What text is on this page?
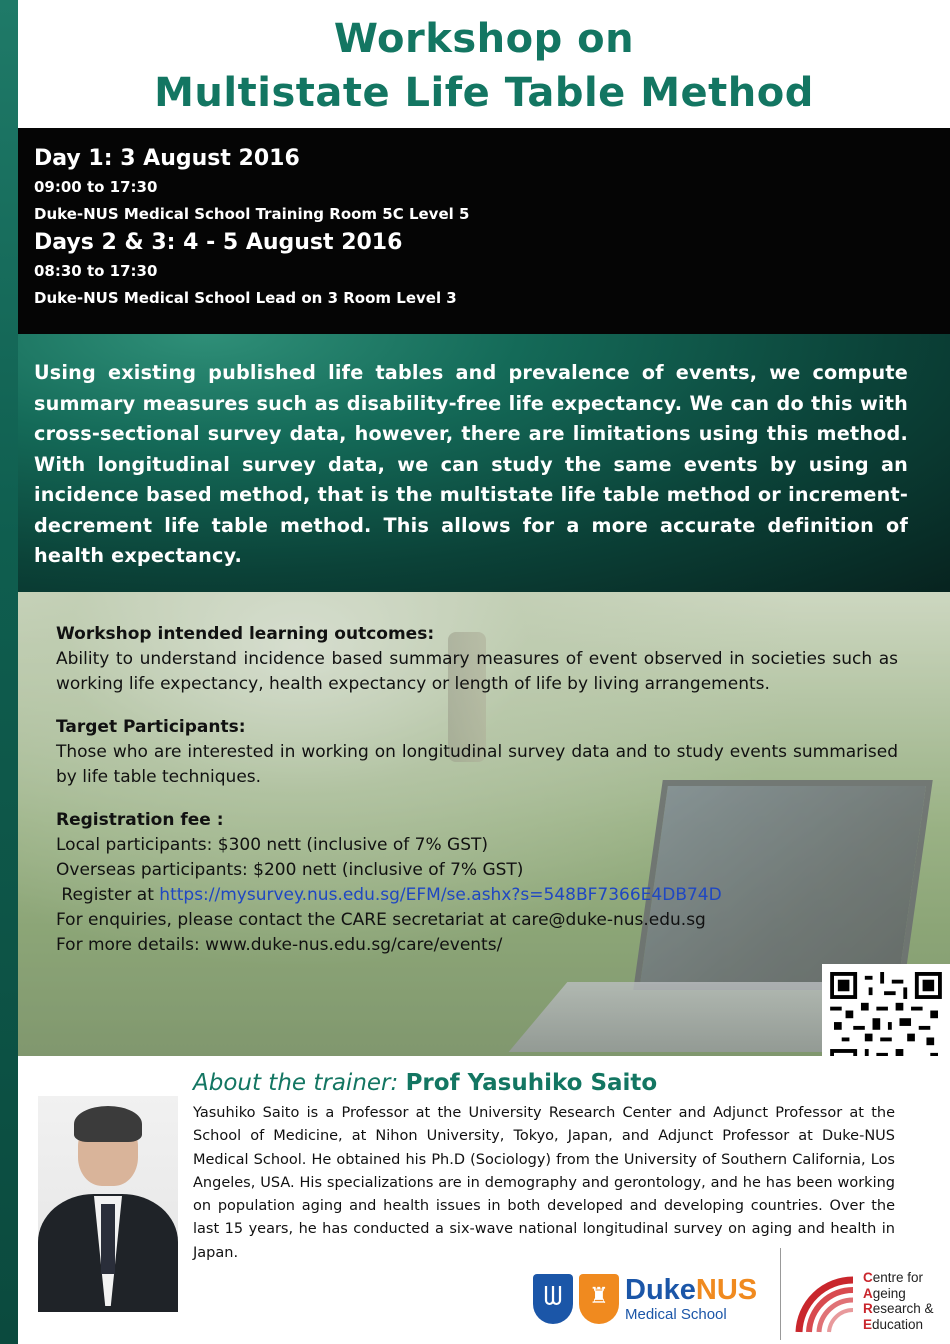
Workshop on
Multistate Life Table Method
Day 1: 3 August 2016
09:00 to 17:30
Duke-NUS Medical School Training Room 5C Level 5
Days 2 & 3: 4 - 5 August 2016
08:30 to 17:30
Duke-NUS Medical School Lead on 3 Room Level 3

Using existing published life tables and prevalence of events, we compute summary measures such as disability-free life expectancy. We can do this with cross-sectional survey data, however, there are limitations using this method. With longitudinal survey data, we can study the same events by using an incidence based method, that is the multistate life table method or increment-decrement life table method. This allows for a more accurate definition of health expectancy.

Workshop intended learning outcomes:
Ability to understand incidence based summary measures of event observed in societies such as working life expectancy, health expectancy or length of life by living arrangements.
Target Participants:
Those who are interested in working on longitudinal survey data and to study events summarised by life table techniques.
Registration fee :
Local participants: $300 nett (inclusive of 7% GST)
Overseas participants: $200 nett (inclusive of 7% GST)
Register at https://mysurvey.nus.edu.sg/EFM/se.ashx?s=548BF7366E4DB74D
For enquiries, please contact the CARE secretariat at care@duke-nus.edu.sg
For more details: www.duke-nus.edu.sg/care/events/
About the trainer: Prof Yasuhiko Saito
Yasuhiko Saito is a Professor at the University Research Center and Adjunct Professor at the School of Medicine, at Nihon University, Tokyo, Japan, and Adjunct Professor at Duke-NUS Medical School. He obtained his Ph.D (Sociology) from the University of Southern California, Los Angeles, USA. His specializations are in demography and gerontology, and he has been working on population aging and health issues in both developed and developing countries. Over the last 15 years, he has conducted a six-wave national longitudinal survey on aging and health in Japan.
ᗯ	♜ DukeNUS
Medical School
Centre for
Ageing
Research &
Education
